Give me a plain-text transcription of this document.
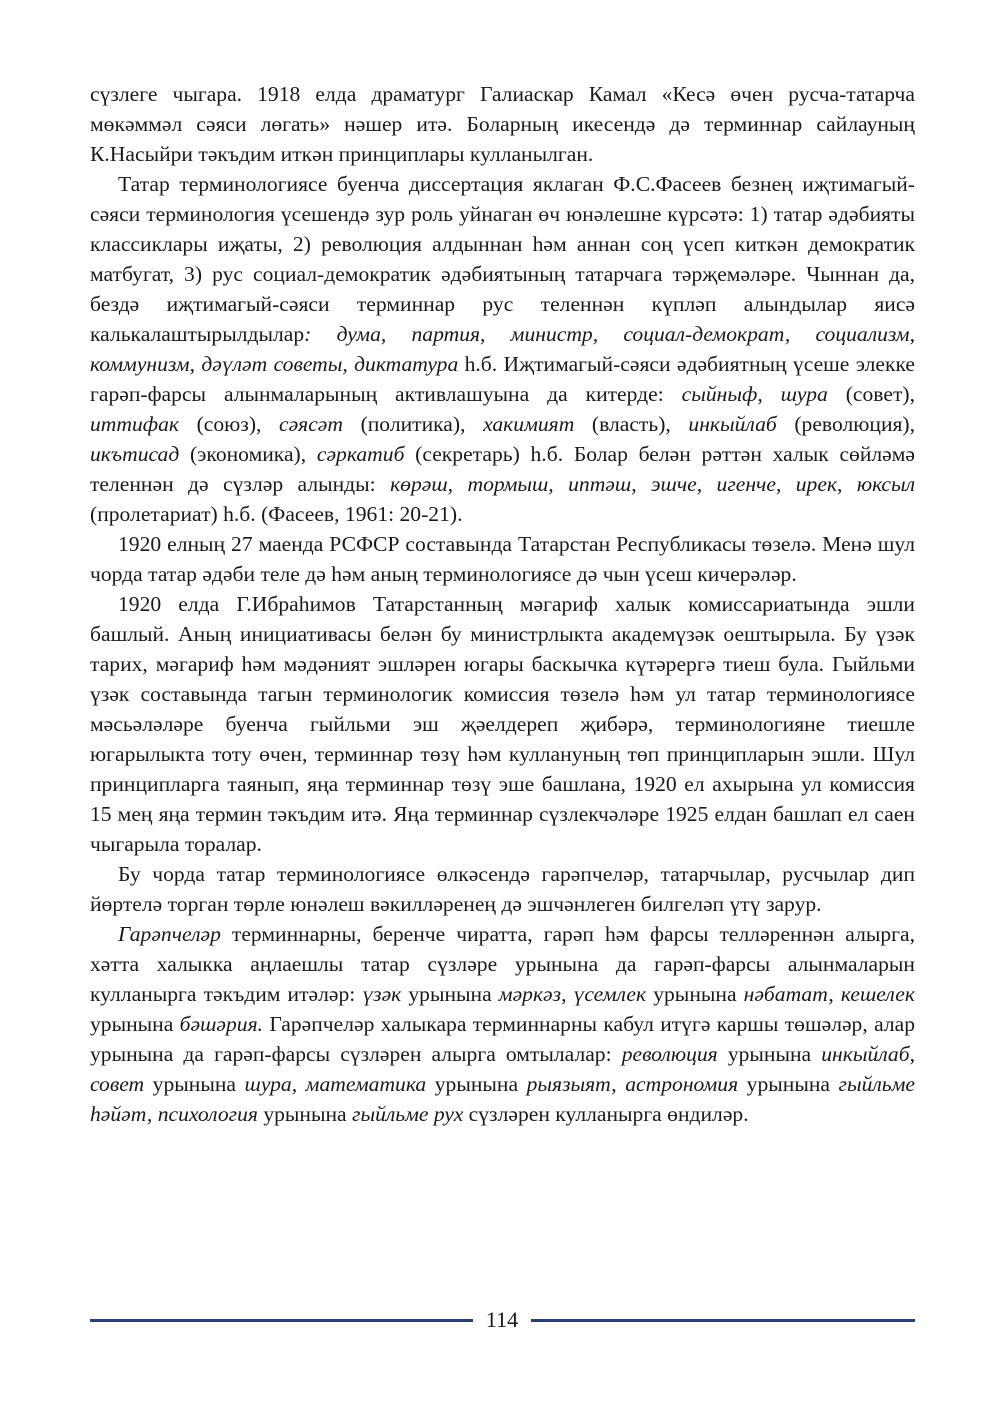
сүзлеге чыгара. 1918 елда драматург Галиаскар Камал «Кесә өчен русча-татарча мөкәммәл сәяси лөгать» нәшер итә. Боларның икесендә дә терминнар сайлауның К.Насыйри тәкъдим иткән принциплары кулланылган.

Татар терминологиясе буенча диссертация яклаган Ф.С.Фасеев безнең иҗтимагый-сәяси терминология үсешендә зур роль уйнаган өч юнәлешне күрсәтә: 1) татар әдәбияты классиклары иҗаты, 2) революция алдыннан һәм аннан соң үсеп киткән демократик матбугат, 3) рус социал-демократик әдәбиятының татарчага тәрҗемәләре. Чыннан да, бездә иҗтимагый-сәяси терминнар рус теленнән күпләп алындылар яисә калькалаштырылдылар: дума, партия, министр, социал-демократ, социализм, коммунизм, дәүләт советы, диктатура һ.б. Иҗтимагый-сәяси әдәбиятның үсеше элекке гарәп-фарсы алынмаларының активлашуына да китерде: сыйныф, шура (совет), иттифак (союз), сәясәт (политика), хакимият (власть), инкыйлаб (революция), икътисад (экономика), сәркатиб (секретарь) һ.б. Болар белән рәттән халык сөйләмә теленнән дә сүзләр алынды: көрәш, тормыш, иптәш, эшче, игенче, ирек, юксыл (пролетариат) һ.б. (Фасеев, 1961: 20-21).

1920 елның 27 маенда РСФСР составында Татарстан Республикасы төзелә. Менә шул чорда татар әдәби теле дә һәм аның терминологиясе дә чын үсеш кичерәләр.

1920 елда Г.Ибраһимов Татарстанның мәгариф халык комиссариатында эшли башлый. Аның инициативасы белән бу министрлыкта академүзәк оештырыла. Бу үзәк тарих, мәгариф һәм мәдәният эшләрен югары баскычка күтәрергә тиеш була. Гыйльми үзәк составында тагын терминологик комиссия төзелә һәм ул татар терминологиясе мәсьәләләре буенча гыйльми эш җәелдереп җибәрә, терминологияне тиешле югарылыкта тоту өчен, терминнар төзү һәм куллануның төп принципларын эшли. Шул принципларга таянып, яңа терминнар төзү эше башлана, 1920 ел ахырына ул комиссия 15 мең яңа термин тәкъдим итә. Яңа терминнар сүзлекчәләре 1925 елдан башлап ел саен чыгарыла торалар.

Бу чорда татар терминологиясе өлкәсендә гарәпчеләр, татарчылар, русчылар дип йөртелә торган төрле юнәлеш вәкилләренең дә эшчәнлеген билгеләп үтү зарур.

Гарәпчеләр терминнарны, беренче чиратта, гарәп һәм фарсы телләреннән алырга, хәтта халыкка аңлаешлы татар сүзләре урынына да гарәп-фарсы алынмаларын кулланырга тәкъдим итәләр: үзәк урынына мәркәз, үсемлек урынына нәбатат, кешелек урынына бәшәрия. Гарәпчеләр халыкара терминнарны кабул итүгә каршы төшәләр, алар урынына да гарәп-фарсы сүзләрен алырга омтылалар: революция урынына инкыйлаб, совет урынына шура, математика урынына рыязыят, астрономия урынына гыйльме һәйәт, психология урынына гыйльме рух сүзләрен кулланырга өндиләр.

114
